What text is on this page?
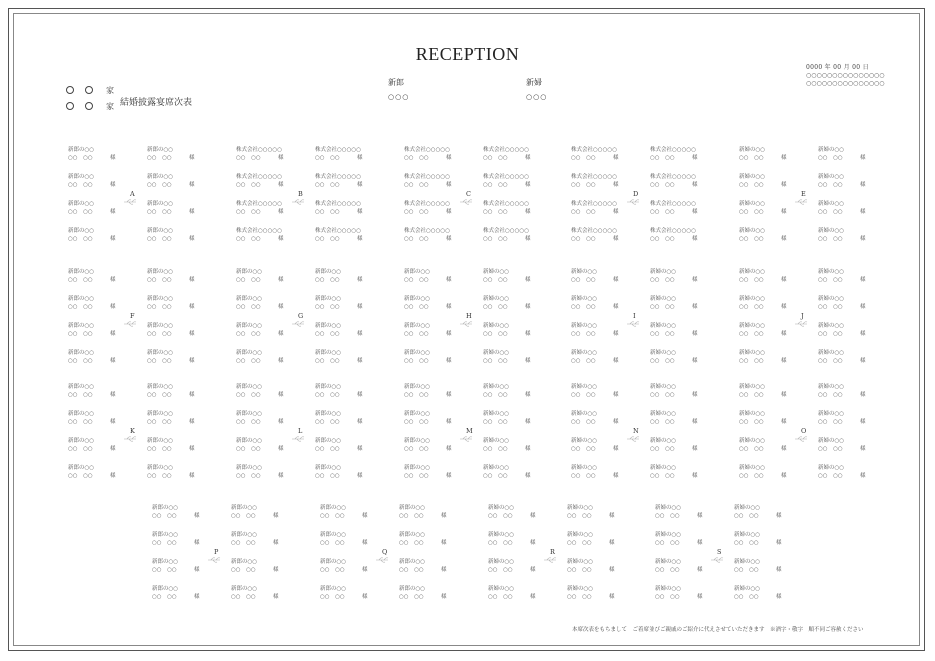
RECEPTION
家
家 結婚披露宴席次表
新郎
○○○
新婦
○○○
0000 年 00 月 00 日
○○○○○○○○○○○○○○○
○○○○○○○○○○○○○○○
新郎の○○
○○　○○	様
新郎の○○
○○　○○	様
新郎の○○
○○　○○	様
新郎の○○
○○　○○	様
新郎の○○
○○　○○	様
新郎の○○
○○　○○	様
新郎の○○
○○　○○	様
新郎の○○
○○　○○	様
A
株式会社○○○○○
○○　○○	様
株式会社○○○○○
○○　○○	様
株式会社○○○○○
○○　○○	様
株式会社○○○○○
○○　○○	様
株式会社○○○○○
○○　○○	様
株式会社○○○○○
○○　○○	様
株式会社○○○○○
○○　○○	様
株式会社○○○○○
○○　○○	様
B
株式会社○○○○○
○○　○○	様
株式会社○○○○○
○○　○○	様
株式会社○○○○○
○○　○○	様
株式会社○○○○○
○○　○○	様
株式会社○○○○○
○○　○○	様
株式会社○○○○○
○○　○○	様
株式会社○○○○○
○○　○○	様
株式会社○○○○○
○○　○○	様
C
株式会社○○○○○
○○　○○	様
株式会社○○○○○
○○　○○	様
株式会社○○○○○
○○　○○	様
株式会社○○○○○
○○　○○	様
株式会社○○○○○
○○　○○	様
株式会社○○○○○
○○　○○	様
株式会社○○○○○
○○　○○	様
株式会社○○○○○
○○　○○	様
D
新婦の○○
○○　○○	様
新婦の○○
○○　○○	様
新婦の○○
○○　○○	様
新婦の○○
○○　○○	様
新婦の○○
○○　○○	様
新婦の○○
○○　○○	様
新婦の○○
○○　○○	様
新婦の○○
○○　○○	様
E
新郎の○○
○○　○○	様
新郎の○○
○○　○○	様
新郎の○○
○○　○○	様
新郎の○○
○○　○○	様
新郎の○○
○○　○○	様
新郎の○○
○○　○○	様
新郎の○○
○○　○○	様
新郎の○○
○○　○○	様
F
新郎の○○
○○　○○	様
新郎の○○
○○　○○	様
新郎の○○
○○　○○	様
新郎の○○
○○　○○	様
新郎の○○
○○　○○	様
新郎の○○
○○　○○	様
新郎の○○
○○　○○	様
新郎の○○
○○　○○	様
G
新郎の○○
○○　○○	様
新郎の○○
○○　○○	様
新郎の○○
○○　○○	様
新郎の○○
○○　○○	様
新婦の○○
○○　○○	様
新婦の○○
○○　○○	様
新婦の○○
○○　○○	様
新婦の○○
○○　○○	様
H
新婦の○○
○○　○○	様
新婦の○○
○○　○○	様
新婦の○○
○○　○○	様
新婦の○○
○○　○○	様
新婦の○○
○○　○○	様
新婦の○○
○○　○○	様
新婦の○○
○○　○○	様
新婦の○○
○○　○○	様
I
新婦の○○
○○　○○	様
新婦の○○
○○　○○	様
新婦の○○
○○　○○	様
新婦の○○
○○　○○	様
新婦の○○
○○　○○	様
新婦の○○
○○　○○	様
新婦の○○
○○　○○	様
新婦の○○
○○　○○	様
J
新郎の○○
○○　○○	様
新郎の○○
○○　○○	様
新郎の○○
○○　○○	様
新郎の○○
○○　○○	様
新郎の○○
○○　○○	様
新郎の○○
○○　○○	様
新郎の○○
○○　○○	様
新郎の○○
○○　○○	様
K
新郎の○○
○○　○○	様
新郎の○○
○○　○○	様
新郎の○○
○○　○○	様
新郎の○○
○○　○○	様
新郎の○○
○○　○○	様
新郎の○○
○○　○○	様
新郎の○○
○○　○○	様
新郎の○○
○○　○○	様
L
新郎の○○
○○　○○	様
新郎の○○
○○　○○	様
新郎の○○
○○　○○	様
新郎の○○
○○　○○	様
新婦の○○
○○　○○	様
新婦の○○
○○　○○	様
新婦の○○
○○　○○	様
新婦の○○
○○　○○	様
M
新婦の○○
○○　○○	様
新婦の○○
○○　○○	様
新婦の○○
○○　○○	様
新婦の○○
○○　○○	様
新婦の○○
○○　○○	様
新婦の○○
○○　○○	様
新婦の○○
○○　○○	様
新婦の○○
○○　○○	様
N
新婦の○○
○○　○○	様
新婦の○○
○○　○○	様
新婦の○○
○○　○○	様
新婦の○○
○○　○○	様
新婦の○○
○○　○○	様
新婦の○○
○○　○○	様
新婦の○○
○○　○○	様
新婦の○○
○○　○○	様
O
新郎の○○
○○　○○	様
新郎の○○
○○　○○	様
新郎の○○
○○　○○	様
新郎の○○
○○　○○	様
新郎の○○
○○　○○	様
新郎の○○
○○　○○	様
新郎の○○
○○　○○	様
新郎の○○
○○　○○	様
P
新郎の○○
○○　○○	様
新郎の○○
○○　○○	様
新郎の○○
○○　○○	様
新郎の○○
○○　○○	様
新郎の○○
○○　○○	様
新郎の○○
○○　○○	様
新郎の○○
○○　○○	様
新郎の○○
○○　○○	様
Q
新婦の○○
○○　○○	様
新婦の○○
○○　○○	様
新婦の○○
○○　○○	様
新婦の○○
○○　○○	様
新婦の○○
○○　○○	様
新婦の○○
○○　○○	様
新婦の○○
○○　○○	様
新婦の○○
○○　○○	様
R
新婦の○○
○○　○○	様
新婦の○○
○○　○○	様
新婦の○○
○○　○○	様
新婦の○○
○○　○○	様
新婦の○○
○○　○○	様
新婦の○○
○○　○○	様
新婦の○○
○○　○○	様
新婦の○○
○○　○○	様
S
本席次表をもちまして　ご着席並びご親戚のご紹介に代えさせていただきます　※酒字・敬字　順不同ご容赦ください
